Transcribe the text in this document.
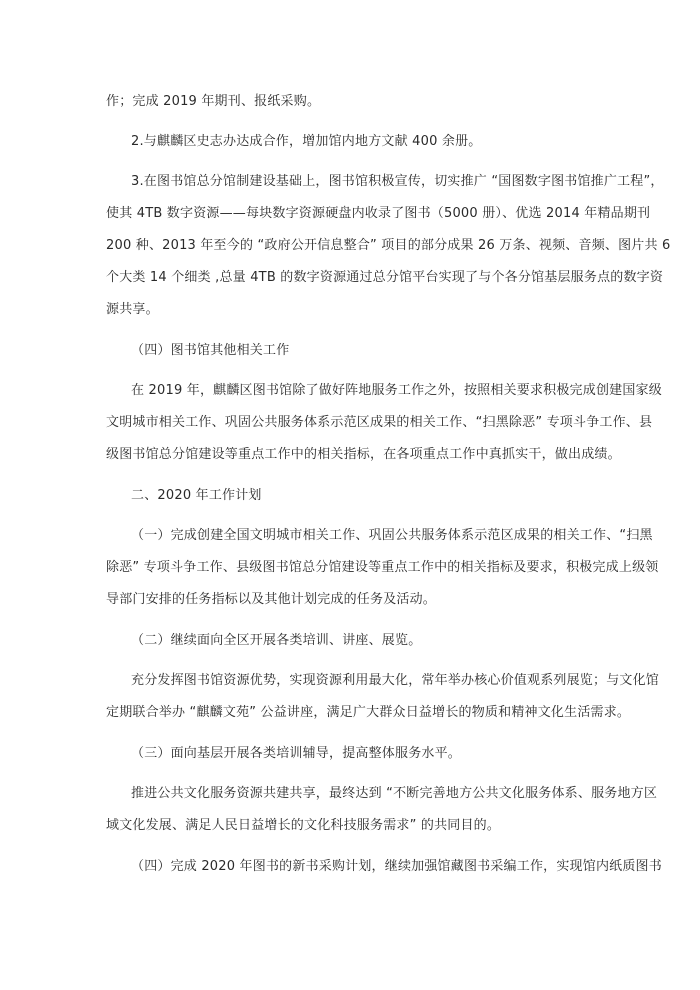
作；完成 2019 年期刊、报纸采购。
2.与麒麟区史志办达成合作，增加馆内地方文献 400 余册。
3.在图书馆总分馆制建设基础上，图书馆积极宣传，切实推广 “国图数字图书馆推广工程”，
使其 4TB 数字资源——每块数字资源硬盘内收录了图书（5000 册）、优选 2014 年精品期刊
200 种、2013 年至今的 “政府公开信息整合” 项目的部分成果 26 万条、视频、音频、图片共 6
个大类 14 个细类 ,总量 4TB 的数字资源通过总分馆平台实现了与个各分馆基层服务点的数字资
源共享。
（四）图书馆其他相关工作
在 2019 年，麒麟区图书馆除了做好阵地服务工作之外，按照相关要求积极完成创建国家级
文明城市相关工作、巩固公共服务体系示范区成果的相关工作、“扫黑除恶” 专项斗争工作、县
级图书馆总分馆建设等重点工作中的相关指标，在各项重点工作中真抓实干，做出成绩。
二、2020 年工作计划
（一）完成创建全国文明城市相关工作、巩固公共服务体系示范区成果的相关工作、“扫黑
除恶” 专项斗争工作、县级图书馆总分馆建设等重点工作中的相关指标及要求，积极完成上级领
导部门安排的任务指标以及其他计划完成的任务及活动。
（二）继续面向全区开展各类培训、讲座、展览。
充分发挥图书馆资源优势，实现资源利用最大化，常年举办核心价值观系列展览；与文化馆
定期联合举办 “麒麟文苑” 公益讲座，满足广大群众日益增长的物质和精神文化生活需求。
（三）面向基层开展各类培训辅导，提高整体服务水平。
推进公共文化服务资源共建共享，最终达到 “不断完善地方公共文化服务体系、服务地方区
域文化发展、满足人民日益增长的文化科技服务需求” 的共同目的。
（四）完成 2020 年图书的新书采购计划，继续加强馆藏图书采编工作，实现馆内纸质图书
